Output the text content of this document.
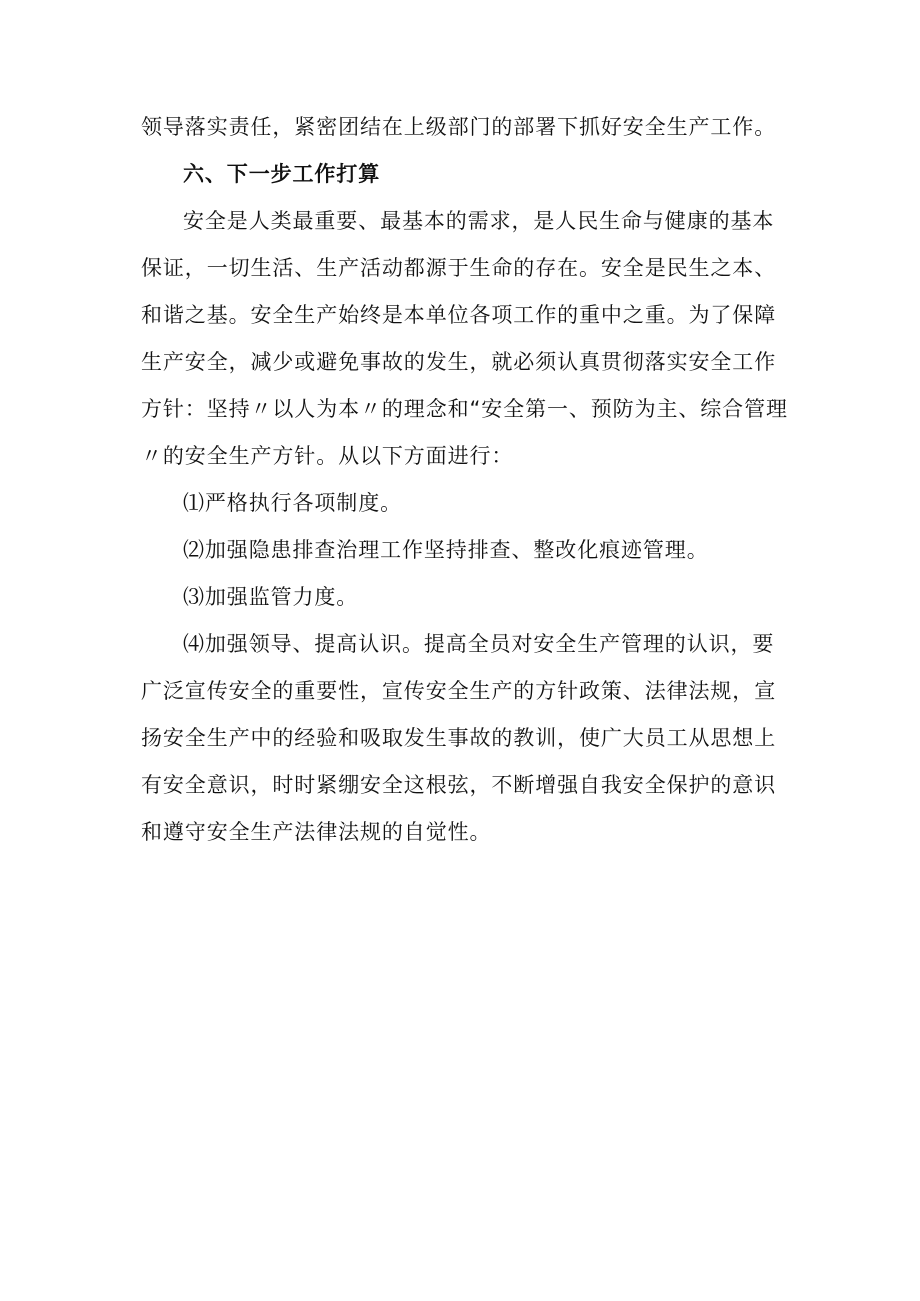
领导落实责任，紧密团结在上级部门的部署下抓好安全生产工作。

六、下一步工作打算

安全是人类最重要、最基本的需求，是人民生命与健康的基本保证，一切生活、生产活动都源于生命的存在。安全是民生之本、和谐之基。安全生产始终是本单位各项工作的重中之重。为了保障生产安全，减少或避免事故的发生，就必须认真贯彻落实安全工作方针：坚持〃以人为本〃的理念和“安全第一、预防为主、综合管理〃的安全生产方针。从以下方面进行：

⑴严格执行各项制度。

⑵加强隐患排查治理工作坚持排查、整改化痕迹管理。

⑶加强监管力度。

⑷加强领导、提高认识。提高全员对安全生产管理的认识，要广泛宣传安全的重要性，宣传安全生产的方针政策、法律法规，宣扬安全生产中的经验和吸取发生事故的教训，使广大员工从思想上有安全意识，时时紧绷安全这根弦，不断增强自我安全保护的意识和遵守安全生产法律法规的自觉性。
